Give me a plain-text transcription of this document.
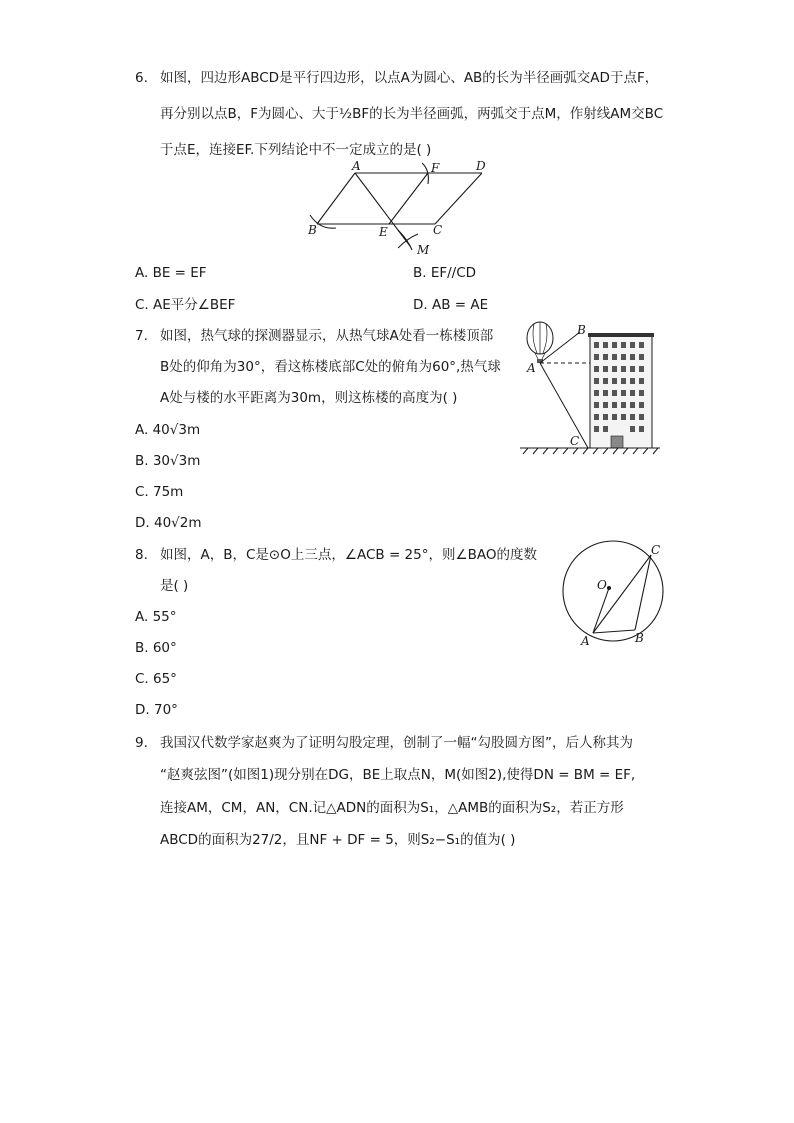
6. 如图，四边形ABCD是平行四边形，以点A为圆心、AB的长为半径画弧交AD于点F，
再分别以点B，F为圆心、大于½BF的长为半径画弧，两弧交于点M，作射线AM交BC
于点E，连接EF.下列结论中不一定成立的是( )
A	F	D
B	E	C
M
A. BE = EF	B. EF//CD
C. AE平分∠BEF	D. AB = AE
7. 如图，热气球的探测器显示，从热气球A处看一栋楼顶部
B处的仰角为30°，看这栋楼底部C处的俯角为60°,热气球
A处与楼的水平距离为30m，则这栋楼的高度为( )
B
A
C
A. 40√3m
B. 30√3m
C. 75m
D. 40√2m
8. 如图，A，B，C是⊙O上三点，∠ACB = 25°，则∠BAO的度数
是( )
C
O
A	B
A. 55°
B. 60°
C. 65°
D. 70°
9. 我国汉代数学家赵爽为了证明勾股定理，创制了一幅“勾股圆方图”，后人称其为
“赵爽弦图”(如图1)现分别在DG，BE上取点N，M(如图2),使得DN = BM = EF,
连接AM，CM，AN，CN.记△ADN的面积为S₁，△AMB的面积为S₂，若正方形
ABCD的面积为27/2，且NF + DF = 5，则S₂−S₁的值为( )
